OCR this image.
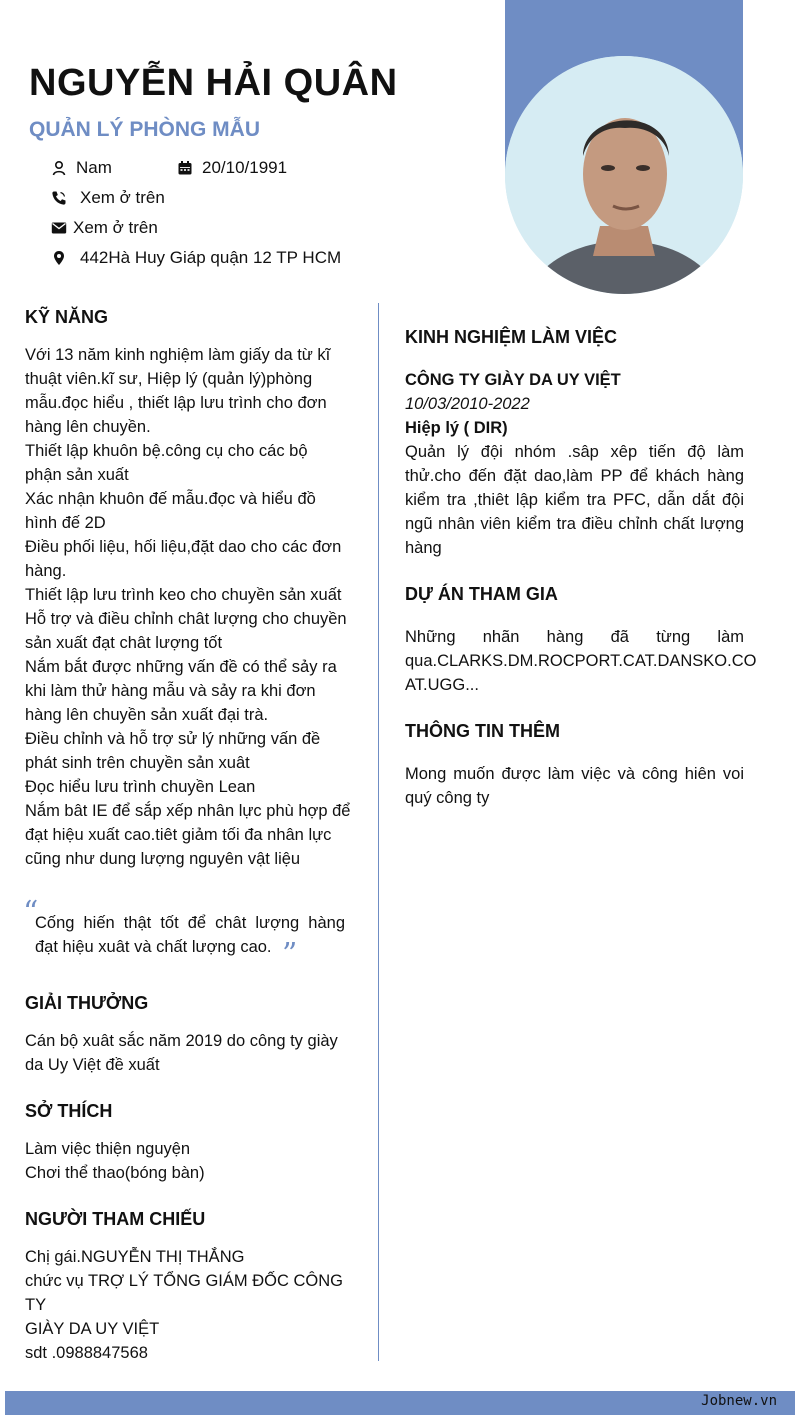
NGUYỄN HẢI QUÂN
QUẢN LÝ PHÒNG MẪU
Nam	20/10/1991
Xem ở trên
Xem ở trên
442Hà Huy Giáp quận 12 TP HCM
KỸ NĂNG
Với 13 năm kinh nghiệm làm giấy da từ kĩ
thuật viên.kĩ sư, Hiệp lý (quản lý)phòng
mẫu.đọc hiểu , thiết lập lưu trình cho đơn
hàng lên chuyền.
Thiết lập khuôn bệ.công cụ cho các bộ
phận sản xuất
Xác nhận khuôn đế mẫu.đọc và hiểu đồ
hình đế 2D
Điều phối liệu, hối liệu,đặt dao cho các đơn
hàng.
Thiết lập lưu trình keo cho chuyền sản xuất
Hỗ trợ và điều chỉnh chât lượng cho chuyền
sản xuất đạt chât lượng tốt
Nắm bắt được những vấn đề có thể sảy ra
khi làm thử hàng mẫu và sảy ra khi đơn
hàng lên chuyền sản xuất đại trà.
Điều chỉnh và hỗ trợ sử lý những vấn đề
phát sinh trên chuyền sản xuât
Đọc hiểu lưu trình chuyền Lean
Nắm bât IE để sắp xếp nhân lực phù hợp để
đạt hiệu xuất cao.tiêt giảm tối đa nhân lực
cũng như dung lượng nguyên vật liệu
“
Cống hiến thật tốt để chât lượng hàng
đạt hiệu xuât và chất lượng cao. ”
GIẢI THƯỞNG
Cán bộ xuât sắc năm 2019 do công ty giày
da Uy Việt đề xuất
SỞ THÍCH
Làm việc thiện nguyện
Chơi thể thao(bóng bàn)
NGƯỜI THAM CHIẾU
Chị gái.NGUYỄN THỊ THẮNG
chức vụ TRỢ LÝ TỔNG GIÁM ĐỐC CÔNG TY
GIÀY DA UY VIỆT
sdt .0988847568
KINH NGHIỆM LÀM VIỆC
CÔNG TY GIÀY DA UY VIỆT
10/03/2010-2022
Hiệp lý ( DIR)
Quản lý đội nhóm .sâp xêp tiến độ làm thử.cho đến đặt dao,làm PP để khách hàng kiểm tra ,thiêt lập kiểm tra PFC, dẫn dắt đội ngũ nhân viên kiểm tra điều chỉnh chất lượng hàng
DỰ ÁN THAM GIA
Những nhãn hàng đã từng làm
qua.CLARKS.DM.ROCPORT.CAT.DANSKO.CO
AT.UGG...
THÔNG TIN THÊM
Mong muốn được làm việc và công hiên voi
quý công ty
Jobnew.vn
